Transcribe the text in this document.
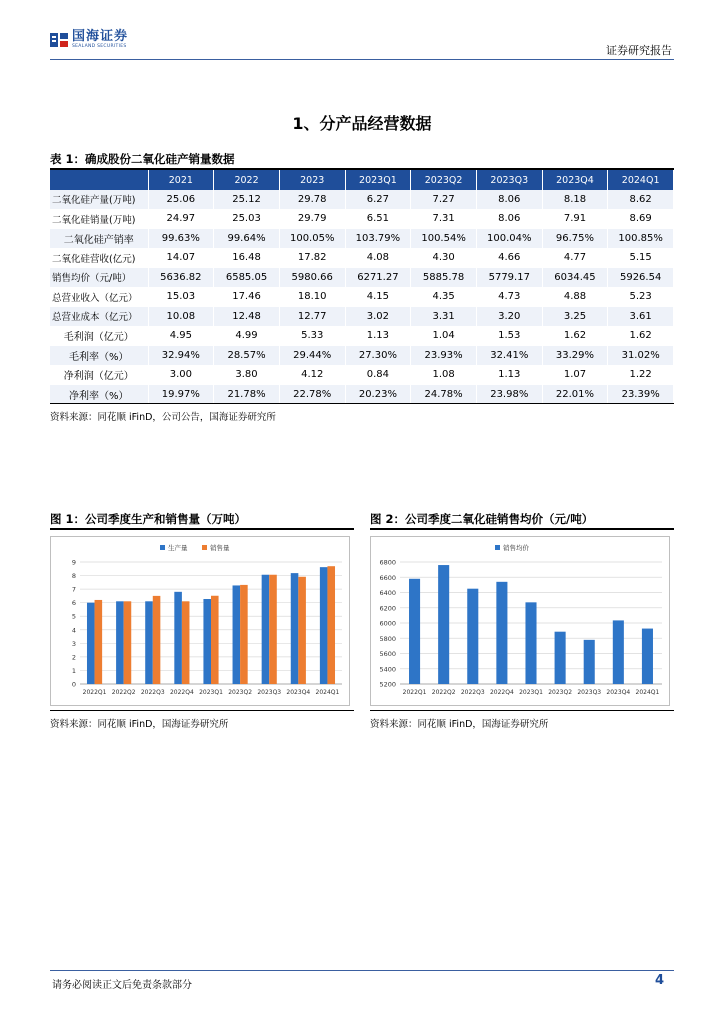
国海证券
SEALAND SECURITIES	证券研究报告
1、分产品经营数据
表 1：确成股份二氧化硅产销量数据
	2021	2022	2023	2023Q1	2023Q2	2023Q3	2023Q4	2024Q1
二氧化硅产量(万吨)	25.06	25.12	29.78	6.27	7.27	8.06	8.18	8.62
二氧化硅销量(万吨)	24.97	25.03	29.79	6.51	7.31	8.06	7.91	8.69
二氧化硅产销率	99.63%	99.64%	100.05%	103.79%	100.54%	100.04%	96.75%	100.85%
二氧化硅营收(亿元)	14.07	16.48	17.82	4.08	4.30	4.66	4.77	5.15
销售均价（元/吨）	5636.82	6585.05	5980.66	6271.27	5885.78	5779.17	6034.45	5926.54
总营业收入（亿元）	15.03	17.46	18.10	4.15	4.35	4.73	4.88	5.23
总营业成本（亿元）	10.08	12.48	12.77	3.02	3.31	3.20	3.25	3.61
毛利润（亿元）	4.95	4.99	5.33	1.13	1.04	1.53	1.62	1.62
毛利率（%）	32.94%	28.57%	29.44%	27.30%	23.93%	32.41%	33.29%	31.02%
净利润（亿元）	3.00	3.80	4.12	0.84	1.08	1.13	1.07	1.22
净利率（%）	19.97%	21.78%	22.78%	20.23%	24.78%	23.98%	22.01%	23.39%
资料来源：同花顺 iFinD，公司公告，国海证券研究所
图 1：公司季度生产和销售量（万吨）
0
1
2
3
4
5
6
7
8
9
2022Q1 2022Q2 2022Q3 2022Q4 2023Q1 2023Q2 2023Q3 2023Q4 2024Q1
生产量	销售量
资料来源：同花顺 iFinD，国海证券研究所
图 2：公司季度二氧化硅销售均价（元/吨）
5200
5400
5600
5800
6000
6200
6400
6600
6800
2022Q1 2022Q2 2022Q3 2022Q4 2023Q1 2023Q2 2023Q3 2023Q4 2024Q1
销售均价
资料来源：同花顺 iFinD，国海证券研究所
请务必阅读正文后免责条款部分	4
